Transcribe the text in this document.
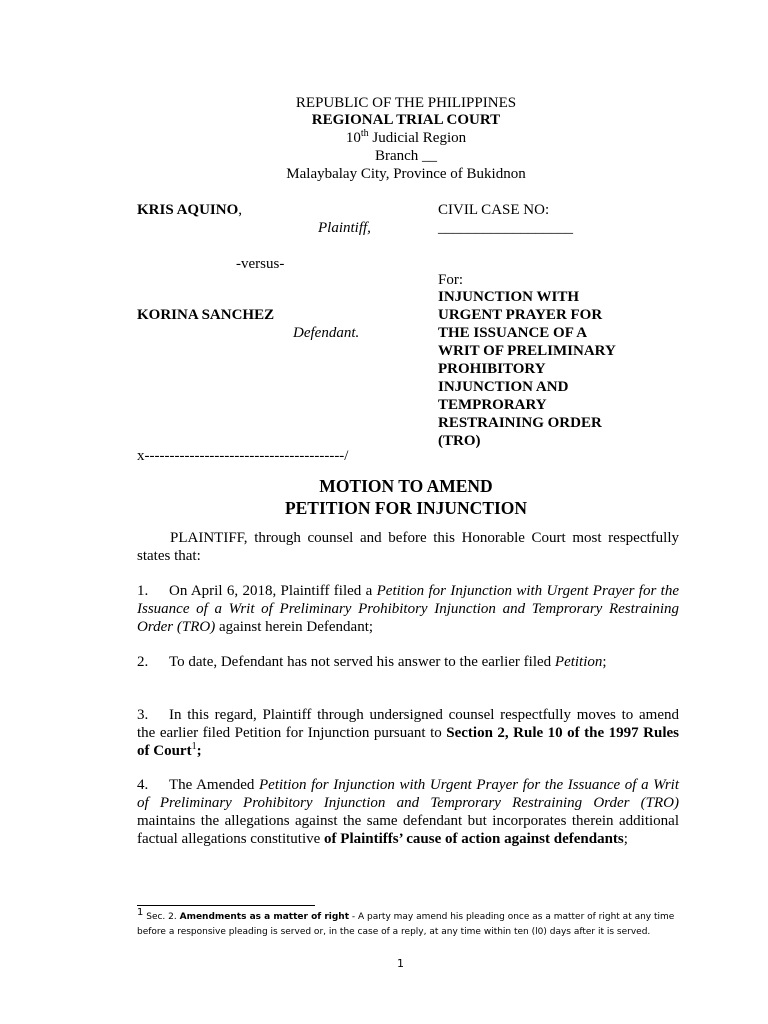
REPUBLIC OF THE PHILIPPINES
REGIONAL TRIAL COURT
10th Judicial Region
Branch __
Malaybalay City, Province of Bukidnon
KRIS AQUINO,
Plaintiff,
CIVIL CASE NO:
__________________
-versus-
For:
INJUNCTION WITH
URGENT PRAYER FOR
THE ISSUANCE OF A
WRIT OF PRELIMINARY
PROHIBITORY
INJUNCTION AND
TEMPRORARY
RESTRAINING ORDER
(TRO)
KORINA SANCHEZ
Defendant.
x----------------------------------------/
MOTION TO AMEND
PETITION FOR INJUNCTION
PLAINTIFF, through counsel and before this Honorable Court most respectfully states that:
1. On April 6, 2018, Plaintiff filed a Petition for Injunction with Urgent Prayer for the Issuance of a Writ of Preliminary Prohibitory Injunction and Temprorary Restraining Order (TRO) against herein Defendant;
2. To date, Defendant has not served his answer to the earlier filed Petition;
3. In this regard, Plaintiff through undersigned counsel respectfully moves to amend the earlier filed Petition for Injunction pursuant to Section 2, Rule 10 of the 1997 Rules of Court$^1$;
4. The Amended Petition for Injunction with Urgent Prayer for the Issuance of a Writ of Preliminary Prohibitory Injunction and Temprorary Restraining Order (TRO) maintains the allegations against the same defendant but incorporates therein additional factual allegations constitutive of Plaintiffs’ cause of action against defendants;
$^1$ Sec. 2. Amendments as a matter of right - A party may amend his pleading once as a matter of right at any time before a responsive pleading is served or, in the case of a reply, at any time within ten (l0) days after it is served.
1
